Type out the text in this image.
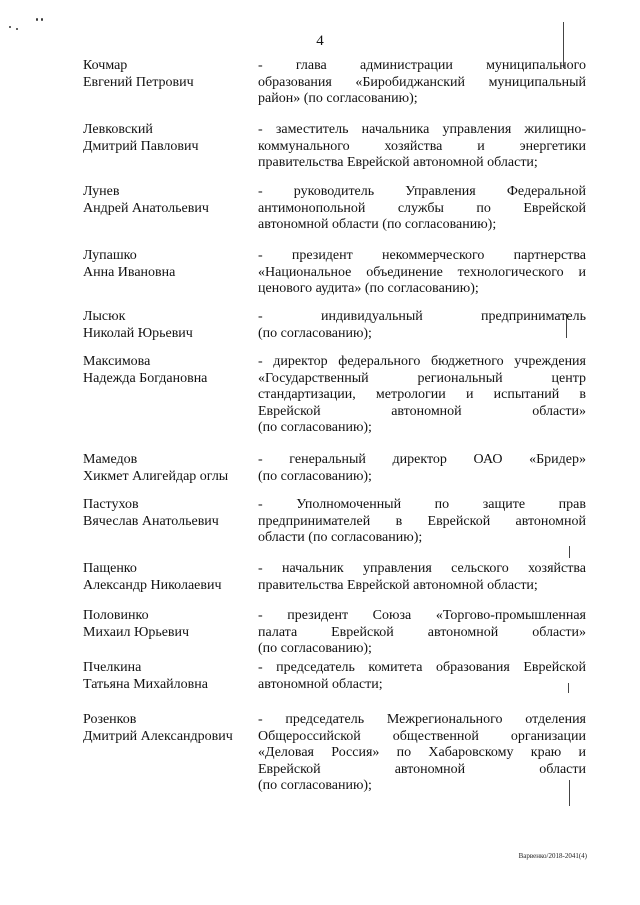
4
Кочмар
Евгений Петрович
- глава администрации муниципального
образования «Биробиджанский муниципальный
район» (по согласованию);
Левковский
Дмитрий Павлович
- заместитель начальника управления жилищно-
коммунального хозяйства и энергетики
правительства Еврейской автономной области;
Лунев
Андрей Анатольевич
- руководитель Управления Федеральной
антимонопольной службы по Еврейской
автономной области (по согласованию);
Лупашко
Анна Ивановна
- президент некоммерческого партнерства
«Национальное объединение технологического и
ценового аудита» (по согласованию);
Лысюк
Николай Юрьевич
- индивидуальный предприниматель
(по согласованию);
Максимова
Надежда Богдановна
- директор федерального бюджетного учреждения
«Государственный региональный центр
стандартизации, метрологии и испытаний в
Еврейской автономной области»
(по согласованию);
Мамедов
Хикмет Алигейдар оглы
- генеральный директор ОАО «Бридер»
(по согласованию);
Пастухов
Вячеслав Анатольевич
- Уполномоченный по защите прав
предпринимателей в Еврейской автономной
области (по согласованию);
Пащенко
Александр Николаевич
- начальник управления сельского хозяйства
правительства Еврейской автономной области;
Половинко
Михаил Юрьевич
- президент Союза «Торгово-промышленная
палата Еврейской автономной области»
(по согласованию);
Пчелкина
Татьяна Михайловна
- председатель комитета образования Еврейской
автономной области;
Розенков
Дмитрий Александрович
- председатель Межрегионального отделения
Общероссийской общественной организации
«Деловая Россия» по Хабаровскому краю и
Еврейской автономной области
(по согласованию);
Варвенко/2018-2041(4)
